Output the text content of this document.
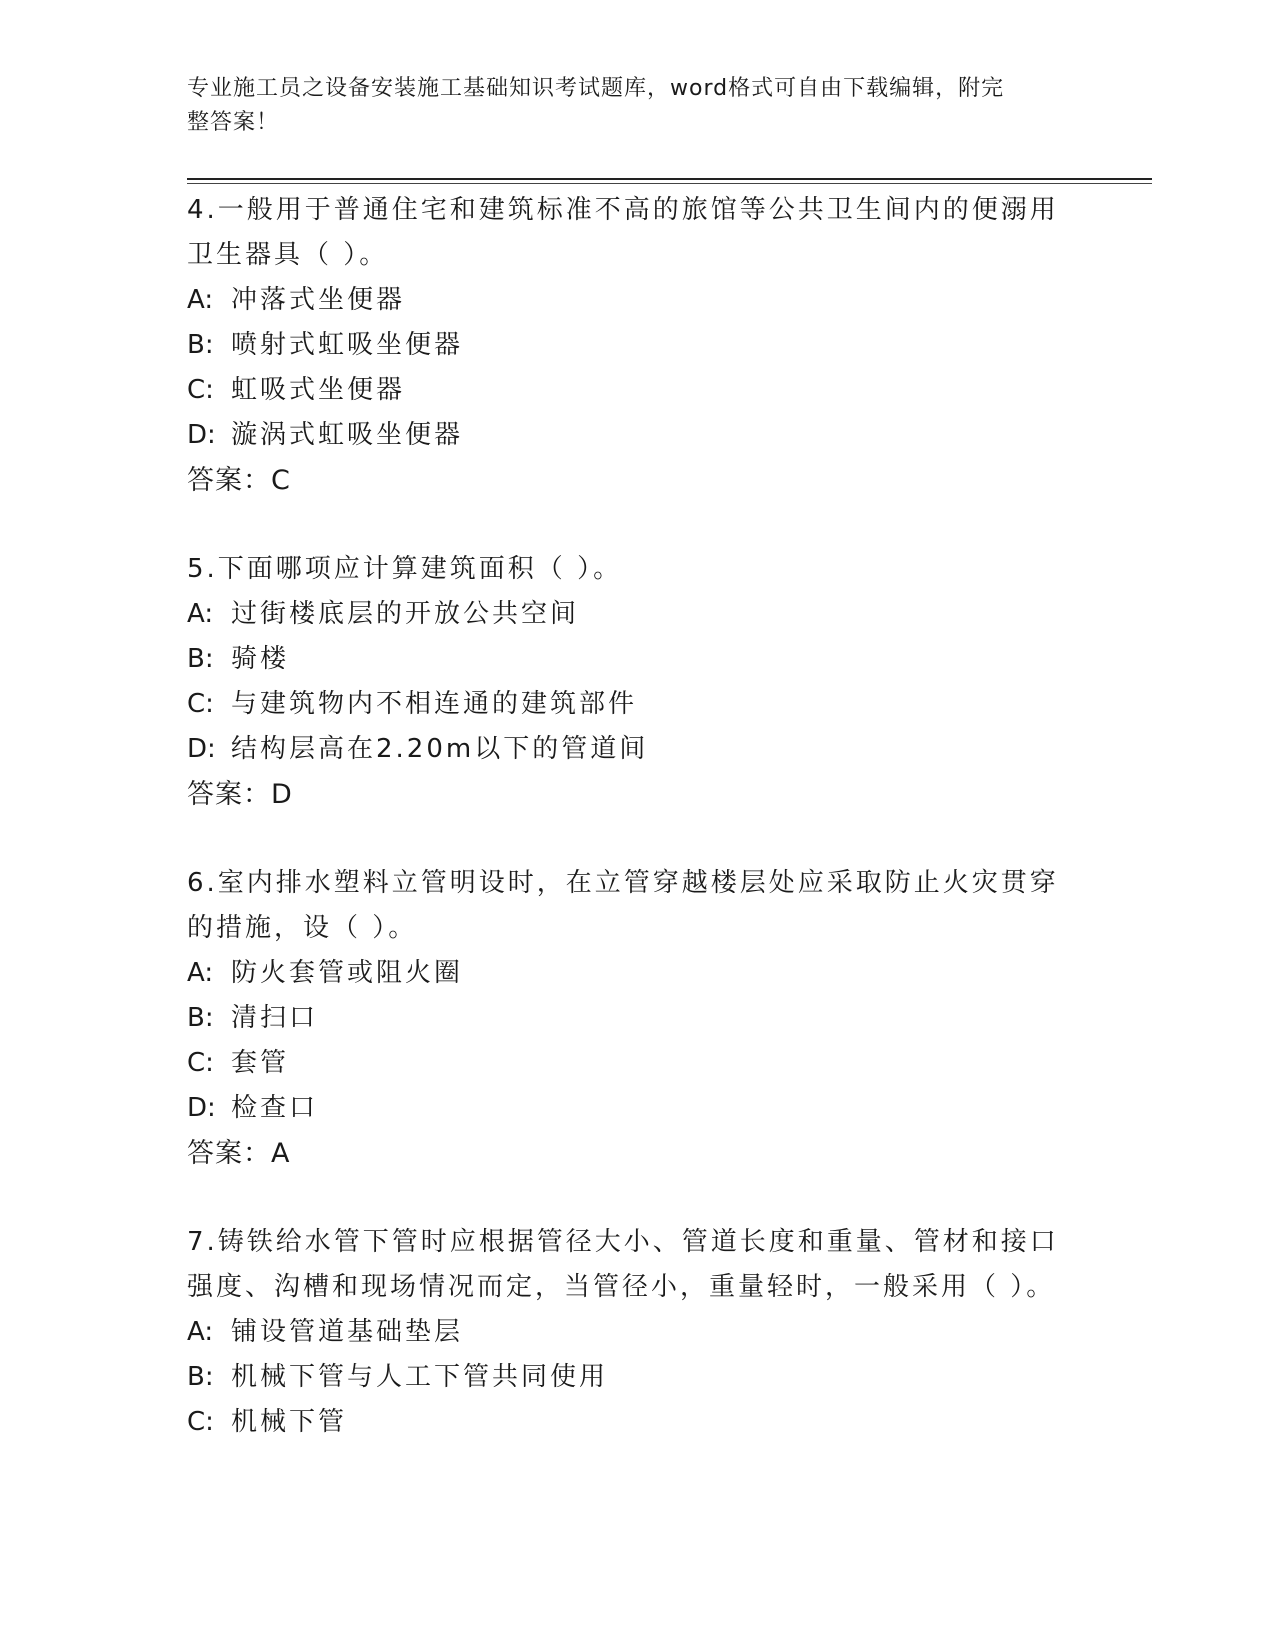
专业施工员之设备安装施工基础知识考试题库，word格式可自由下载编辑，附完
整答案！
4.一般用于普通住宅和建筑标准不高的旅馆等公共卫生间内的便溺用
卫生器具（ ）。
A: 冲落式坐便器
B: 喷射式虹吸坐便器
C: 虹吸式坐便器
D: 漩涡式虹吸坐便器
答案：C
5.下面哪项应计算建筑面积（ ）。
A: 过街楼底层的开放公共空间
B: 骑楼
C: 与建筑物内不相连通的建筑部件
D: 结构层高在2.20m以下的管道间
答案：D
6.室内排水塑料立管明设时，在立管穿越楼层处应采取防止火灾贯穿
的措施，设（ ）。
A: 防火套管或阻火圈
B: 清扫口
C: 套管
D: 检查口
答案：A
7.铸铁给水管下管时应根据管径大小、管道长度和重量、管材和接口
强度、沟槽和现场情况而定，当管径小，重量轻时，一般采用（ ）。
A: 铺设管道基础垫层
B: 机械下管与人工下管共同使用
C: 机械下管
